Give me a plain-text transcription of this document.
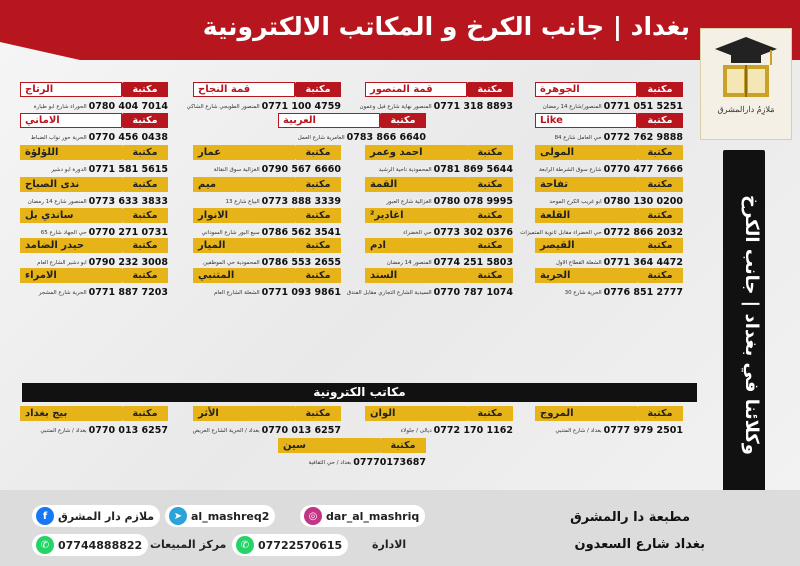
بغداد | جانب الكرخ و المكاتب الالكترونية
مَلازِمُ دارالمشرق
وكلائنا في بغداد | جانب الكرخ
مكاتب الكترونية
مكتبة
الجوهرة
0771 051 5251
المنصور/شارع 14 رمضان
مكتبة
قمة المنصور
0771 318 8893
المنصور نهاية شارع فيل وعمون
مكتبة
قمة النجاح
0771 100 4759
المنصور الطوبجي شارع الشاكي
مكتبة
الرتاج
0780 404 7014
الحوراء شارع ابو طيارة
مكتبة
Like
0772 762 9888
حي العامل شارع 84
مكتبة
العربية
0783 866 6640
العامرية شارع العمل
مكتبة
الاماني
0770 456 0438
الحرية حور نواب الضباط
مكتبة
المولى
0770 477 7666
شارع سوق الشرطة الرابعة
مكتبة
احمد وعمر
0781 869 5644
المحمودية ناحية الرشيد
مكتبة
عمار
0790 567 6660
الغزالية سوق النقالة
مكتبة
اللؤلؤة
0771 581 5615
الدورة ابو دشير
مكتبة
تفاحة
0780 130 0200
ابو غريب الكرخ الموحد
مكتبة
القمة
0780 078 9995
الغزالية شارع العبور
مكتبة
ميم
0773 888 3339
البياع شارع 13
مكتبة
ندى الصباح
0773 633 3833
المنصور شارع 14 رمضان
مكتبة
القلعة
0772 866 2032
حي الخضراء مقابل ثانوية المتميزات
مكتبة
اغادير²
0773 302 0376
حي الخضراء
مكتبة
الانوار
0786 562 3541
سبع البور شارع السوداني
مكتبة
ساندي بل
0770 271 0731
حي الجهاد شارع 65
مكتبة
القيصر
0771 364 4472
الشعلة القطاع الاول
مكتبة
ادم
0774 251 5803
المنصور 14 رمضان
مكتبة
الميار
0786 553 2655
المحمودية حي الموظفين
مكتبة
حيدر الضامد
0790 232 3008
ابو دشير الشارع العام
مكتبة
الحرية
0776 851 2777
الحرية شارع 30
مكتبة
السند
0770 787 1074
السيدية الشارع التجاري مقابل الفندق
مكتبة
المتنبي
0771 093 9861
الشعلة الشارع العام
مكتبة
الامراء
0771 887 7203
الحرية شارع المشجر
مكتبة
المروج
0777 979 2501
بغداد / شارع المتنبي
مكتبة
الوان
0772 170 1162
ديالى / جلولاء
مكتبة
الأثر
0770 013 6257
بغداد / الحرية الشارع العريض
مكتبة
بيج بغداد
0770 013 6257
بغداد / شارع المتنبي
مكتبة
سين
07770173687
بغداد / حي الثقافية
مطبعة دا رالمشرق
بغداد شارع السعدون
◎ dar_al_mashriq
➤ al_mashreq2
f ملازم دار المشرق
✆ 07722570615	الادارة
✆ 07744888822 مركز المبيعات
